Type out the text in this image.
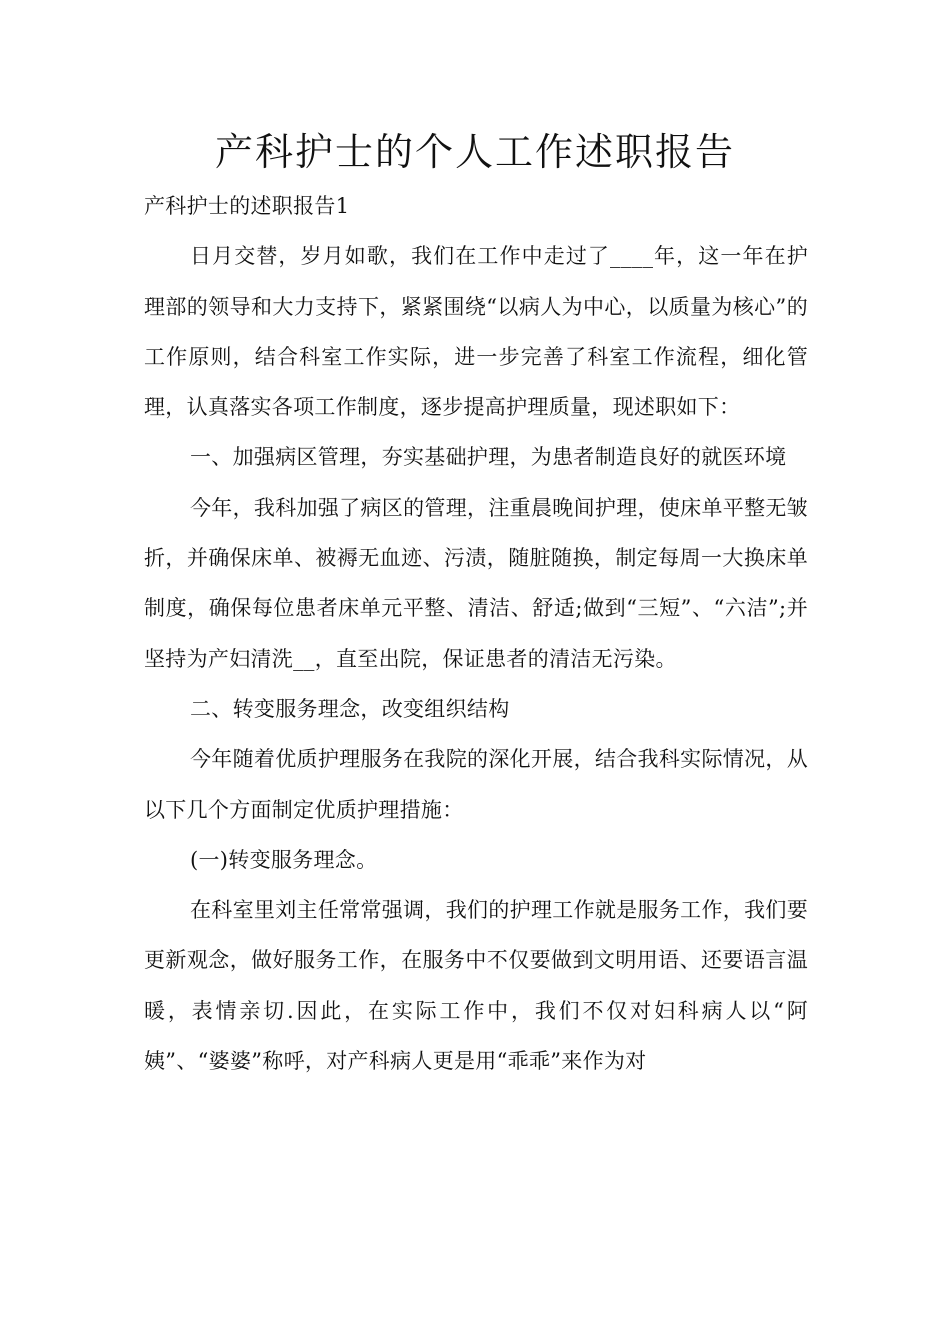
产科护士的个人工作述职报告

产科护士的述职报告1

日月交替，岁月如歌，我们在工作中走过了____年，这一年在护理部的领导和大力支持下，紧紧围绕“以病人为中心，以质量为核心”的工作原则，结合科室工作实际，进一步完善了科室工作流程，细化管理，认真落实各项工作制度，逐步提高护理质量，现述职如下：

一、加强病区管理，夯实基础护理，为患者制造良好的就医环境

今年，我科加强了病区的管理，注重晨晚间护理，使床单平整无皱折，并确保床单、被褥无血迹、污渍，随脏随换，制定每周一大换床单制度，确保每位患者床单元平整、清洁、舒适;做到“三短”、“六洁”;并坚持为产妇清洗__，直至出院，保证患者的清洁无污染。

二、转变服务理念，改变组织结构

今年随着优质护理服务在我院的深化开展，结合我科实际情况，从以下几个方面制定优质护理措施：

(一)转变服务理念。

在科室里刘主任常常强调，我们的护理工作就是服务工作，我们要更新观念，做好服务工作，在服务中不仅要做到文明用语、还要语言温暖，表情亲切.因此，在实际工作中，我们不仅对妇科病人以“阿姨”、“婆婆”称呼，对产科病人更是用“乖乖”来作为对
